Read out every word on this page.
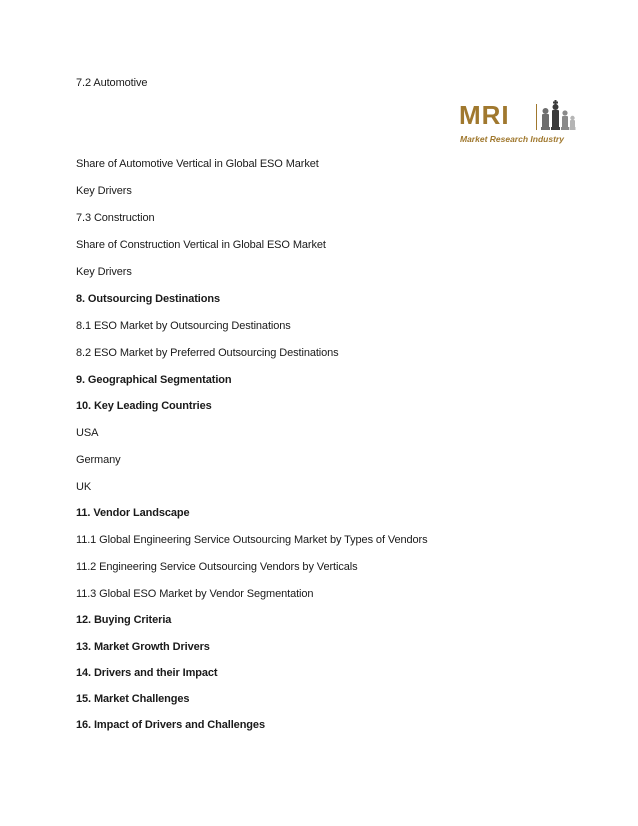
MRI
Market Research Industry
7.2 Automotive
Share of Automotive Vertical in Global ESO Market
Key Drivers
7.3 Construction
Share of Construction Vertical in Global ESO Market
Key Drivers
8. Outsourcing Destinations
8.1 ESO Market by Outsourcing Destinations
8.2 ESO Market by Preferred Outsourcing Destinations
9. Geographical Segmentation
10. Key Leading Countries
USA
Germany
UK
11. Vendor Landscape
11.1 Global Engineering Service Outsourcing Market by Types of Vendors
11.2 Engineering Service Outsourcing Vendors by Verticals
11.3 Global ESO Market by Vendor Segmentation
12. Buying Criteria
13. Market Growth Drivers
14. Drivers and their Impact
15. Market Challenges
16. Impact of Drivers and Challenges
